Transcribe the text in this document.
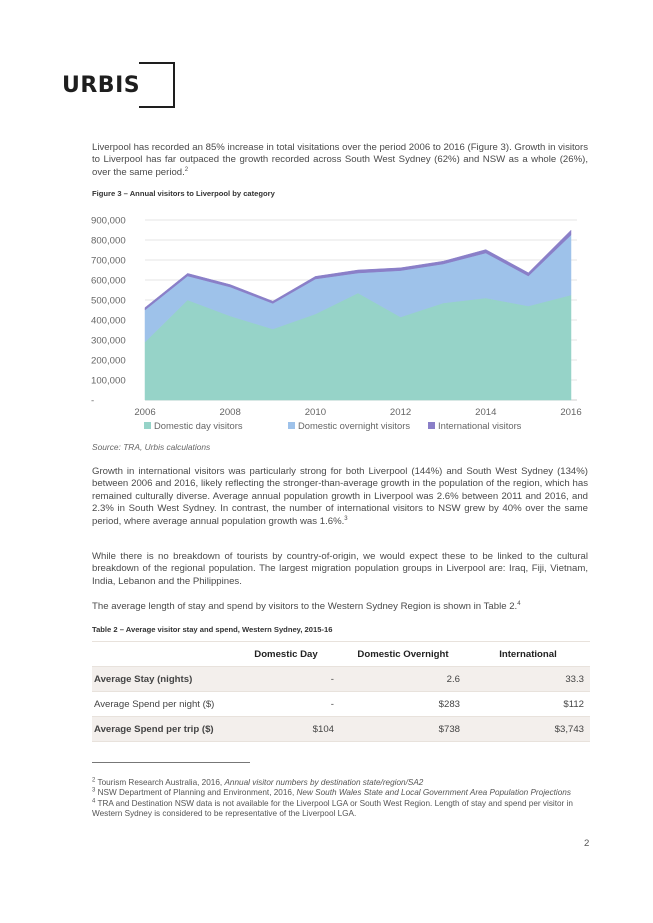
URBIS

Liverpool has recorded an 85% increase in total visitations over the period 2006 to 2016 (Figure 3). Growth in visitors to Liverpool has far outpaced the growth recorded across South West Sydney (62%) and NSW as a whole (26%), over the same period.$^2$

Figure 3 – Annual visitors to Liverpool by category
-
100,000
200,000
300,000
400,000
500,000
600,000
700,000
800,000
900,000
2006	2008	2010	2012	2014	2016
Domestic day visitors	Domestic overnight visitors	International visitors
Source: TRA, Urbis calculations

Growth in international visitors was particularly strong for both Liverpool (144%) and South West Sydney (134%) between 2006 and 2016, likely reflecting the stronger-than-average growth in the population of the region, which has remained culturally diverse. Average annual population growth in Liverpool was 2.6% between 2011 and 2016, and 2.3% in South West Sydney. In contrast, the number of international visitors to NSW grew by 40% over the same period, where average annual population growth was 1.6%.$^3$

While there is no breakdown of tourists by country-of-origin, we would expect these to be linked to the cultural breakdown of the regional population. The largest migration population groups in Liverpool are: Iraq, Fiji, Vietnam, India, Lebanon and the Philippines.

The average length of stay and spend by visitors to the Western Sydney Region is shown in Table 2.$^4$

Table 2 – Average visitor stay and spend, Western Sydney, 2015-16
	Domestic Day	Domestic Overnight	International
Average Stay (nights)	-	2.6	33.3
Average Spend per night ($)	-	$283	$112
Average Spend per trip ($)	$104	$738	$3,743

$^2$ Tourism Research Australia, 2016, Annual visitor numbers by destination state/region/SA2

$^3$ NSW Department of Planning and Environment, 2016, New South Wales State and Local Government Area Population Projections

$^4$ TRA and Destination NSW data is not available for the Liverpool LGA or South West Region. Length of stay and spend per visitor in Western Sydney is considered to be representative of the Liverpool LGA.

2
